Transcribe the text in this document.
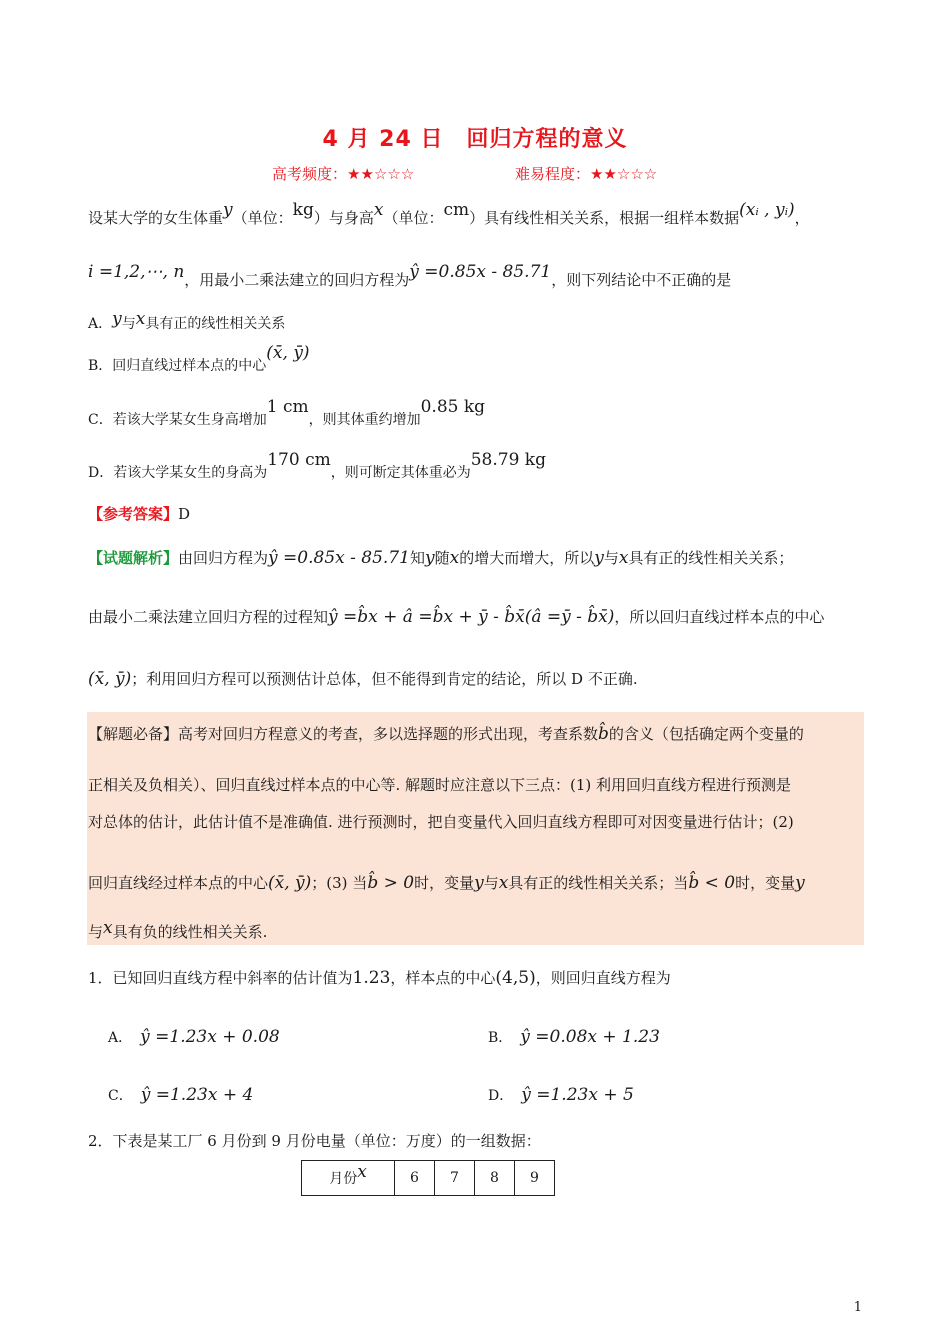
4 月 24 日　回归方程的意义
高考频度：★★☆☆☆	难易程度：★★☆☆☆
设某大学的女生体重y（单位：kg）与身高x（单位：cm）具有线性相关关系，根据一组样本数据(xᵢ , yᵢ)，
i =1,2,⋯, n，用最小二乘法建立的回归方程为ŷ =0.85x - 85.71，则下列结论中不正确的是
A．y与x具有正的线性相关关系
B．回归直线过样本点的中心(x̄, ȳ)
C．若该大学某女生身高增加1 cm，则其体重约增加0.85 kg
D．若该大学某女生的身高为170 cm，则可断定其体重必为58.79 kg
【参考答案】D
【试题解析】由回归方程为ŷ =0.85x - 85.71知y随x的增大而增大，所以y与x具有正的线性相关关系；
由最小二乘法建立回归方程的过程知ŷ =b̂x + â =b̂x + ȳ - b̂x̄(â =ȳ - b̂x̄)，所以回归直线过样本点的中心
(x̄, ȳ)；利用回归方程可以预测估计总体，但不能得到肯定的结论，所以 D 不正确.
【解题必备】高考对回归方程意义的考查，多以选择题的形式出现，考查系数b̂的含义（包括确定两个变量的
正相关及负相关）、回归直线过样本点的中心等. 解题时应注意以下三点：(1) 利用回归直线方程进行预测是
对总体的估计，此估计值不是准确值. 进行预测时，把自变量代入回归直线方程即可对因变量进行估计；(2)
回归直线经过样本点的中心(x̄, ȳ)；(3) 当b̂ > 0时，变量y与x具有正的线性相关关系；当b̂ < 0时，变量y
与x具有负的线性相关关系.
1．已知回归直线方程中斜率的估计值为1.23，样本点的中心(4,5)，则回归直线方程为
A． ŷ =1.23x + 0.08	B． ŷ =0.08x + 1.23
C． ŷ =1.23x + 4	D． ŷ =1.23x + 5
2．下表是某工厂 6 月份到 9 月份电量（单位：万度）的一组数据：
月份x	6	7	8	9
1
